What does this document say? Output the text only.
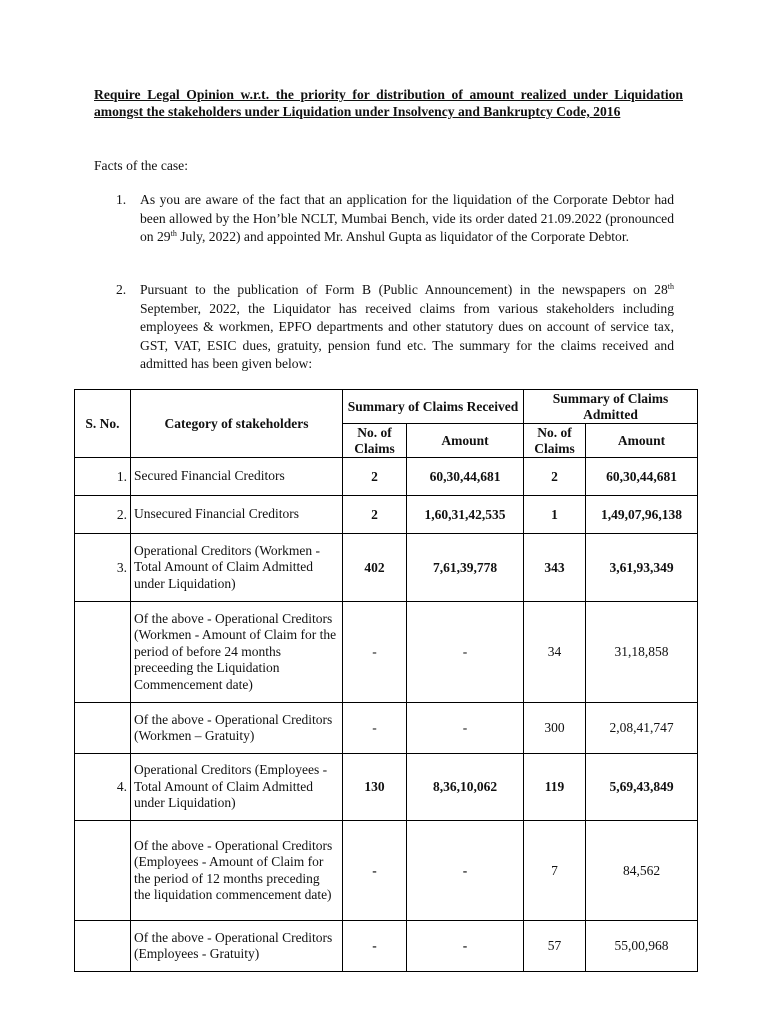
Require Legal Opinion w.r.t. the priority for distribution of amount realized under Liquidation amongst the stakeholders under Liquidation under Insolvency and Bankruptcy Code, 2016
Facts of the case:
1. As you are aware of the fact that an application for the liquidation of the Corporate Debtor had been allowed by the Hon’ble NCLT, Mumbai Bench, vide its order dated 21.09.2022 (pronounced on 29th July, 2022) and appointed Mr. Anshul Gupta as liquidator of the Corporate Debtor.
2. Pursuant to the publication of Form B (Public Announcement) in the newspapers on 28th September, 2022, the Liquidator has received claims from various stakeholders including employees & workmen, EPFO departments and other statutory dues on account of service tax, GST, VAT, ESIC dues, gratuity, pension fund etc. The summary for the claims received and admitted has been given below:
S. No.	Category of stakeholders	Summary of Claims Received		Summary of Claims Admitted	
		No. of Claims	Amount	No. of Claims	Amount
1.	Secured Financial Creditors	2	60,30,44,681	2	60,30,44,681
2.	Unsecured Financial Creditors	2	1,60,31,42,535	1	1,49,07,96,138
3.	Operational Creditors (Workmen - Total Amount of Claim Admitted under Liquidation)	402	7,61,39,778	343	3,61,93,349
	Of the above - Operational Creditors (Workmen - Amount of Claim for the period of before 24 months preceeding the Liquidation Commencement date)	-	-	34	31,18,858
	Of the above - Operational Creditors (Workmen – Gratuity)	-	-	300	2,08,41,747
4.	Operational Creditors (Employees - Total Amount of Claim Admitted under Liquidation)	130	8,36,10,062	119	5,69,43,849
	Of the above - Operational Creditors (Employees - Amount of Claim for the period of 12 months preceding the liquidation commencement date)	-	-	7	84,562
	Of the above - Operational Creditors (Employees - Gratuity)	-	-	57	55,00,968
